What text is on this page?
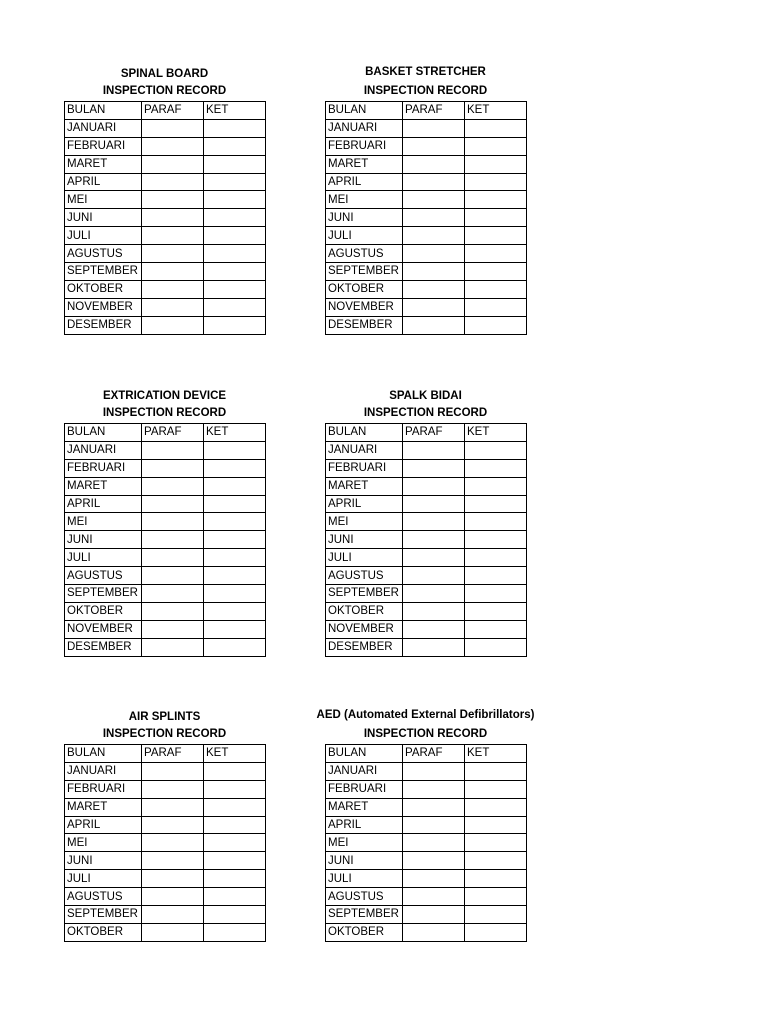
SPINAL BOARD
INSPECTION RECORD
BULAN	PARAF	KET
JANUARI		
FEBRUARI		
MARET		
APRIL		
MEI		
JUNI		
JULI		
AGUSTUS		
SEPTEMBER		
OKTOBER		
NOVEMBER		
DESEMBER		
BASKET STRETCHER
INSPECTION RECORD
BULAN	PARAF	KET
JANUARI		
FEBRUARI		
MARET		
APRIL		
MEI		
JUNI		
JULI		
AGUSTUS		
SEPTEMBER		
OKTOBER		
NOVEMBER		
DESEMBER		
EXTRICATION DEVICE
INSPECTION RECORD
BULAN	PARAF	KET
JANUARI		
FEBRUARI		
MARET		
APRIL		
MEI		
JUNI		
JULI		
AGUSTUS		
SEPTEMBER		
OKTOBER		
NOVEMBER		
DESEMBER		
SPALK BIDAI
INSPECTION RECORD
BULAN	PARAF	KET
JANUARI		
FEBRUARI		
MARET		
APRIL		
MEI		
JUNI		
JULI		
AGUSTUS		
SEPTEMBER		
OKTOBER		
NOVEMBER		
DESEMBER		
AIR SPLINTS
INSPECTION RECORD
BULAN	PARAF	KET
JANUARI		
FEBRUARI		
MARET		
APRIL		
MEI		
JUNI		
JULI		
AGUSTUS		
SEPTEMBER		
OKTOBER		
AED (Automated External Defibrillators)
INSPECTION RECORD
BULAN	PARAF	KET
JANUARI		
FEBRUARI		
MARET		
APRIL		
MEI		
JUNI		
JULI		
AGUSTUS		
SEPTEMBER		
OKTOBER		
